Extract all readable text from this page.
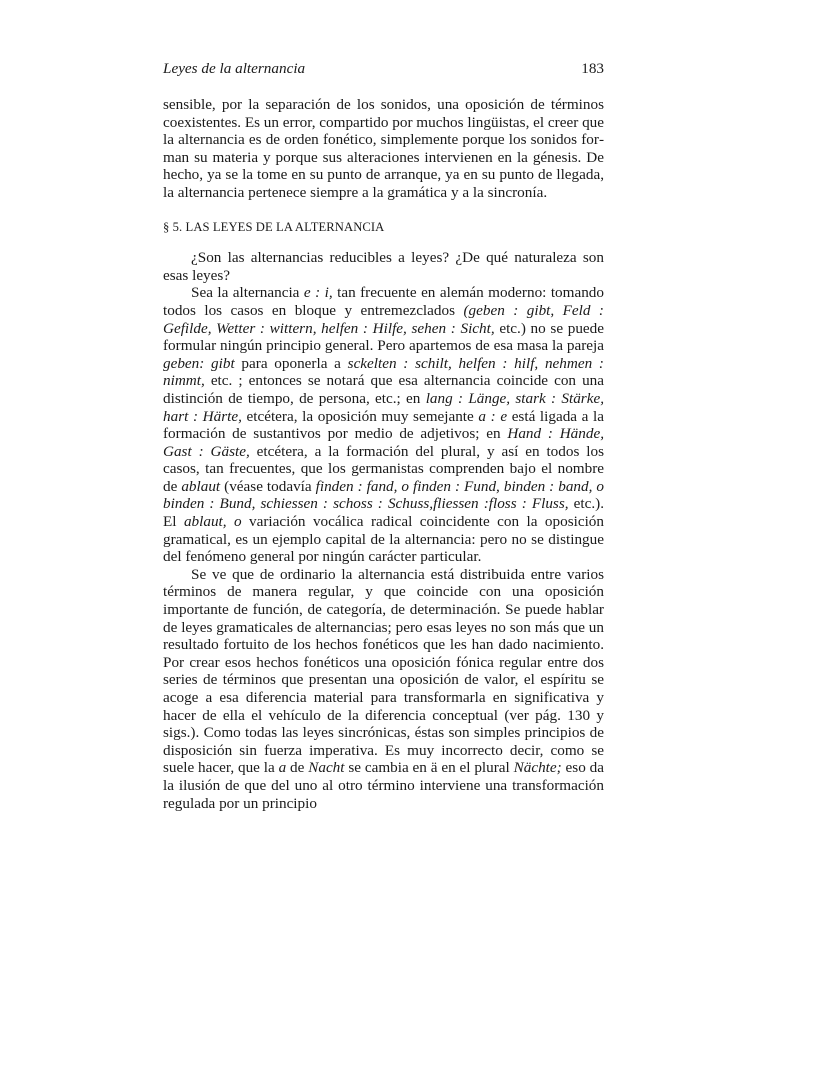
Leyes de la alternancia	183

sensible, por la separación de los sonidos, una oposición de términos coexistentes. Es un error, compartido por muchos lingüistas, el creer que la alternancia es de orden fonético, simplemente porque los sonidos forman su materia y porque sus alteraciones intervienen en la génesis. De hecho, ya se la tome en su punto de arranque, ya en su punto de llegada, la alternancia pertenece siempre a la gramática y a la sincronía.

§ 5. LAS LEYES DE LA ALTERNANCIA

¿Son las alternancias reducibles a leyes? ¿De qué naturaleza son esas leyes?

Sea la alternancia e : i, tan frecuente en alemán moderno: tomando todos los casos en bloque y entremezclados (geben : gibt, Feld : Gefilde, Wetter : wittern, helfen : Hilfe, sehen : Sicht, etc.) no se puede formular ningún principio general. Pero apartemos de esa masa la pareja geben: gibt para oponerla a sckelten : schilt, helfen : hilf, nehmen : nimmt, etc. ; entonces se notará que esa alternancia coincide con una distinción de tiempo, de persona, etc.; en lang : Länge, stark : Stärke, hart : Härte, etcétera, la oposición muy semejante a : e está ligada a la formación de sustantivos por medio de adjetivos; en Hand : Hände, Gast : Gäste, etcétera, a la formación del plural, y así en todos los casos, tan frecuentes, que los germanistas comprenden bajo el nombre de ablaut (véase todavía finden : fand, o finden : Fund, binden : band, o binden : Bund, schiessen : schoss : Schuss,fliessen :floss : Fluss, etc.). El ablaut, o variación vocálica radical coincidente con la oposición gramatical, es un ejemplo capital de la alternancia: pero no se distingue del fenómeno general por ningún carácter particular.

Se ve que de ordinario la alternancia está distribuida entre varios términos de manera regular, y que coincide con una oposición importante de función, de categoría, de determinación. Se puede hablar de leyes gramaticales de alternancias; pero esas leyes no son más que un resultado fortuito de los hechos fonéticos que les han dado nacimiento. Por crear esos hechos fonéticos una oposición fónica regular entre dos series de términos que presentan una oposición de valor, el espíritu se acoge a esa diferencia material para transformarla en significativa y hacer de ella el vehículo de la diferencia conceptual (ver pág. 130 y sigs.). Como todas las leyes sincrónicas, éstas son simples principios de disposición sin fuerza imperativa. Es muy incorrecto decir, como se suele hacer, que la a de Nacht se cambia en ä en el plural Nächte; eso da la ilusión de que del uno al otro término interviene una transformación regulada por un principio
